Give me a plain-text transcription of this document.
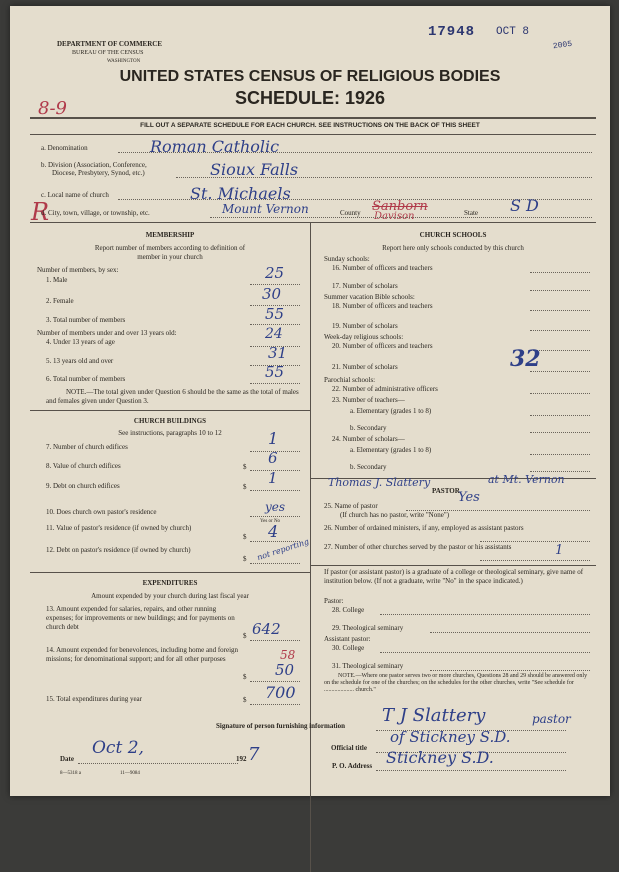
17948 OCT 8
2005
DEPARTMENT OF COMMERCE
BUREAU OF THE CENSUS
WASHINGTON
UNITED STATES CENSUS OF RELIGIOUS BODIES
SCHEDULE: 1926
8-9
FILL OUT A SEPARATE SCHEDULE FOR EACH CHURCH. SEE INSTRUCTIONS ON THE BACK OF THIS SHEET
a. Denomination	Roman Catholic
b. Division (Association, Conference,
Diocese, Presbytery, Synod, etc.)	Sioux Falls
c. Local name of church	St. Michaels
R
d. City, town, village, or township, etc.	Mount Vernon	County Sanborn
Davison	State S D
MEMBERSHIP
Report number of members according to definition of
member in your church
Number of members, by sex:
1. Male	25
2. Female	30
3. Total number of members	55
Number of members under and over 13 years old:
4. Under 13 years of age	24
5. 13 years old and over	31
6. Total number of members	55
NOTE.—The total given under Question 6 should be the same as the total of males and females given under Question 3.
CHURCH BUILDINGS
See instructions, paragraphs 10 to 12
7. Number of church edifices	1
8. Value of church edifices	$ 6
9. Debt on church edifices	$ 1
10. Does church own pastor's residence
Yes or No
yes
11. Value of pastor's residence (if owned by church)
$ 4
12. Debt on pastor's residence (if owned by church)
$ not reporting
EXPENDITURES
Amount expended by your church during last fiscal year
13. Amount expended for salaries, repairs, and other running expenses; for improvements or new buildings; and for payments on church debt
$ 642
14. Amount expended for benevolences, including home and foreign missions; for denominational support; and for all other purposes	58
$ 50
15. Total expenditures during year	$ 700
CHURCH SCHOOLS
Report here only schools conducted by this church
Sunday schools:
16. Number of officers and teachers
17. Number of scholars
Summer vacation Bible schools:
18. Number of officers and teachers
19. Number of scholars
Week-day religious schools:
20. Number of officers and teachers
21. Number of scholars	32
Parochial schools:
22. Number of administrative officers
23. Number of teachers—
a. Elementary (grades 1 to 8)
b. Secondary
24. Number of scholars—
a. Elementary (grades 1 to 8)
b. Secondary
Thomas J. Slattery	at Mt. Vernon
PASTOR
25. Name of pastor
Yes
(If church has no pastor, write "None")
26. Number of ordained ministers, if any, employed as assistant pastors
27. Number of other churches served by the pastor or his assistants	1
If pastor (or assistant pastor) is a graduate of a college or theological seminary, give name of institution below. (If not a graduate, write "No" in the space indicated.)
Pastor:
28. College
29. Theological seminary
Assistant pastor:
30. College
31. Theological seminary
NOTE.—Where one pastor serves two or more churches, Questions 28 and 29 should be answered only on the schedule for one of the churches; on the schedules for the other churches, write "See schedule for .................... church."
Signature of person furnishing information T J Slattery	pastor
Official title
of Stickney S.D.
Date
Oct 2,
192 7
P. O. Address Stickney S.D.
8—5318 a	11—9084
